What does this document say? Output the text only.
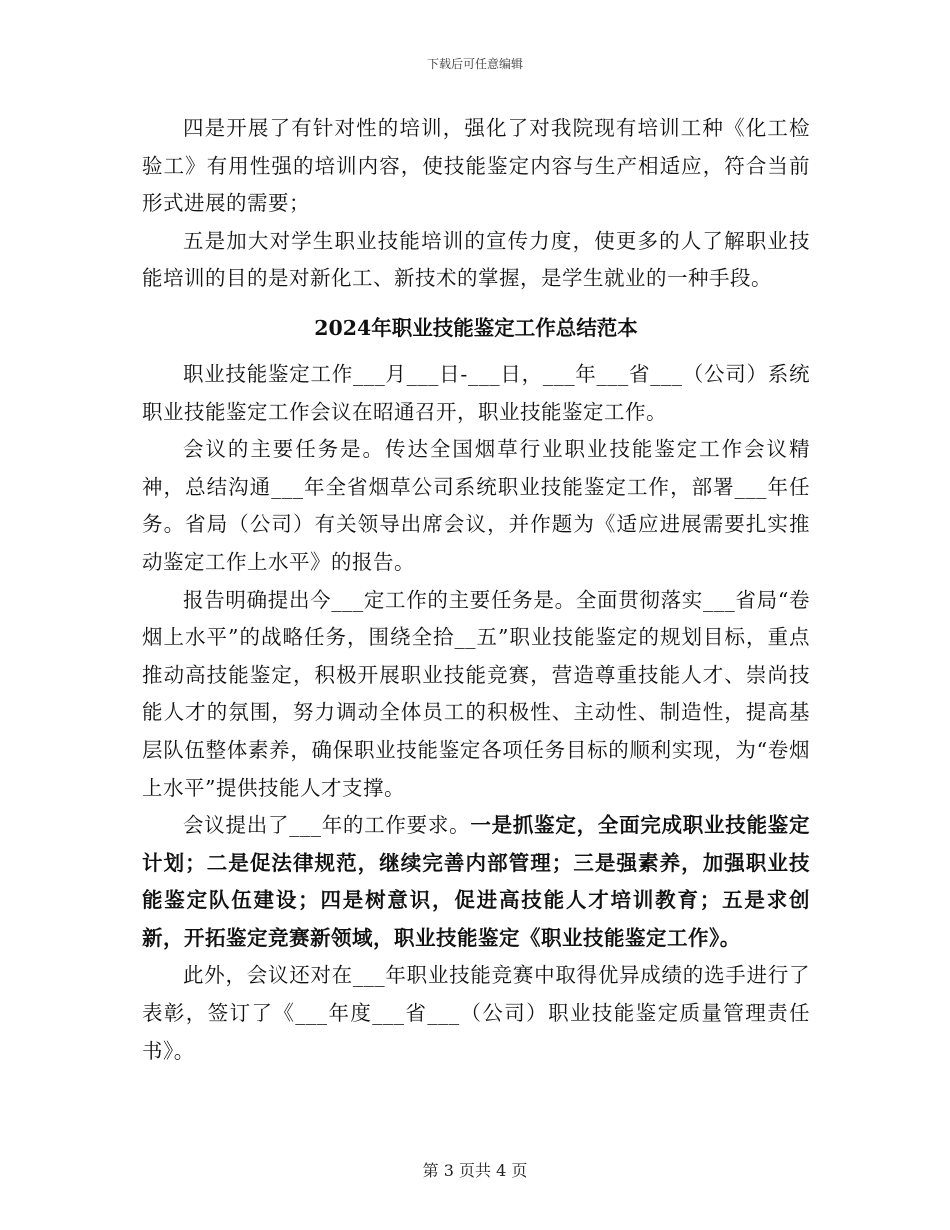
下载后可任意编辑

四是开展了有针对性的培训，强化了对我院现有培训工种《化工检验工》有用性强的培训内容，使技能鉴定内容与生产相适应，符合当前形式进展的需要；

五是加大对学生职业技能培训的宣传力度，使更多的人了解职业技能培训的目的是对新化工、新技术的掌握，是学生就业的一种手段。

2024年职业技能鉴定工作总结范本

职业技能鉴定工作___月___日-___日，___年___省___（公司）系统职业技能鉴定工作会议在昭通召开，职业技能鉴定工作。

会议的主要任务是。传达全国烟草行业职业技能鉴定工作会议精神，总结沟通___年全省烟草公司系统职业技能鉴定工作，部署___年任务。省局（公司）有关领导出席会议，并作题为《适应进展需要扎实推动鉴定工作上水平》的报告。

报告明确提出今___定工作的主要任务是。全面贯彻落实___省局“卷烟上水平”的战略任务，围绕全拾__五”职业技能鉴定的规划目标，重点推动高技能鉴定，积极开展职业技能竞赛，营造尊重技能人才、崇尚技能人才的氛围，努力调动全体员工的积极性、主动性、制造性，提高基层队伍整体素养，确保职业技能鉴定各项任务目标的顺利实现，为“卷烟上水平”提供技能人才支撑。

会议提出了___年的工作要求。一是抓鉴定，全面完成职业技能鉴定计划；二是促法律规范，继续完善内部管理；三是强素养，加强职业技能鉴定队伍建设；四是树意识，促进高技能人才培训教育；五是求创新，开拓鉴定竞赛新领域，职业技能鉴定《职业技能鉴定工作》。

此外，会议还对在___年职业技能竞赛中取得优异成绩的选手进行了表彰，签订了《___年度___省___（公司）职业技能鉴定质量管理责任书》。

第 3 页共 4 页
